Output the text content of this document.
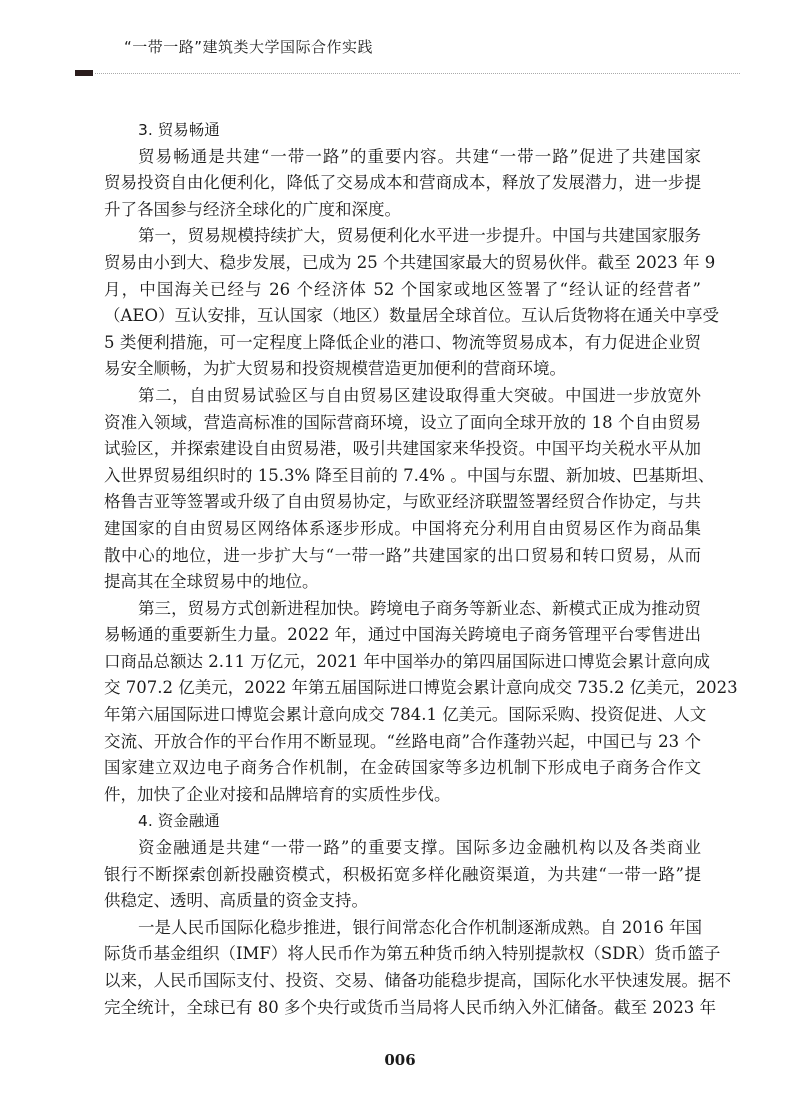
“一带一路”建筑类大学国际合作实践
3. 贸易畅通
贸易畅通是共建“一带一路”的重要内容。共建“一带一路”促进了共建国家
贸易投资自由化便利化，降低了交易成本和营商成本，释放了发展潜力，进一步提
升了各国参与经济全球化的广度和深度。
第一，贸易规模持续扩大，贸易便利化水平进一步提升。中国与共建国家服务
贸易由小到大、稳步发展，已成为 25 个共建国家最大的贸易伙伴。截至 2023 年 9
月，中国海关已经与 26 个经济体 52 个国家或地区签署了“经认证的经营者”
（AEO）互认安排，互认国家（地区）数量居全球首位。互认后货物将在通关中享受
5 类便利措施，可一定程度上降低企业的港口、物流等贸易成本，有力促进企业贸
易安全顺畅，为扩大贸易和投资规模营造更加便利的营商环境。
第二，自由贸易试验区与自由贸易区建设取得重大突破。中国进一步放宽外
资准入领域，营造高标准的国际营商环境，设立了面向全球开放的 18 个自由贸易
试验区，并探索建设自由贸易港，吸引共建国家来华投资。中国平均关税水平从加
入世界贸易组织时的 15.3% 降至目前的 7.4% 。中国与东盟、新加坡、巴基斯坦、
格鲁吉亚等签署或升级了自由贸易协定，与欧亚经济联盟签署经贸合作协定，与共
建国家的自由贸易区网络体系逐步形成。中国将充分利用自由贸易区作为商品集
散中心的地位，进一步扩大与“一带一路”共建国家的出口贸易和转口贸易，从而
提高其在全球贸易中的地位。
第三，贸易方式创新进程加快。跨境电子商务等新业态、新模式正成为推动贸
易畅通的重要新生力量。2022 年，通过中国海关跨境电子商务管理平台零售进出
口商品总额达 2.11 万亿元，2021 年中国举办的第四届国际进口博览会累计意向成
交 707.2 亿美元，2022 年第五届国际进口博览会累计意向成交 735.2 亿美元，2023
年第六届国际进口博览会累计意向成交 784.1 亿美元。国际采购、投资促进、人文
交流、开放合作的平台作用不断显现。“丝路电商”合作蓬勃兴起，中国已与 23 个
国家建立双边电子商务合作机制，在金砖国家等多边机制下形成电子商务合作文
件，加快了企业对接和品牌培育的实质性步伐。
4. 资金融通
资金融通是共建“一带一路”的重要支撑。国际多边金融机构以及各类商业
银行不断探索创新投融资模式，积极拓宽多样化融资渠道，为共建“一带一路”提
供稳定、透明、高质量的资金支持。
一是人民币国际化稳步推进，银行间常态化合作机制逐渐成熟。自 2016 年国
际货币基金组织（IMF）将人民币作为第五种货币纳入特别提款权（SDR）货币篮子
以来，人民币国际支付、投资、交易、储备功能稳步提高，国际化水平快速发展。据不
完全统计，全球已有 80 多个央行或货币当局将人民币纳入外汇储备。截至 2023 年
006
